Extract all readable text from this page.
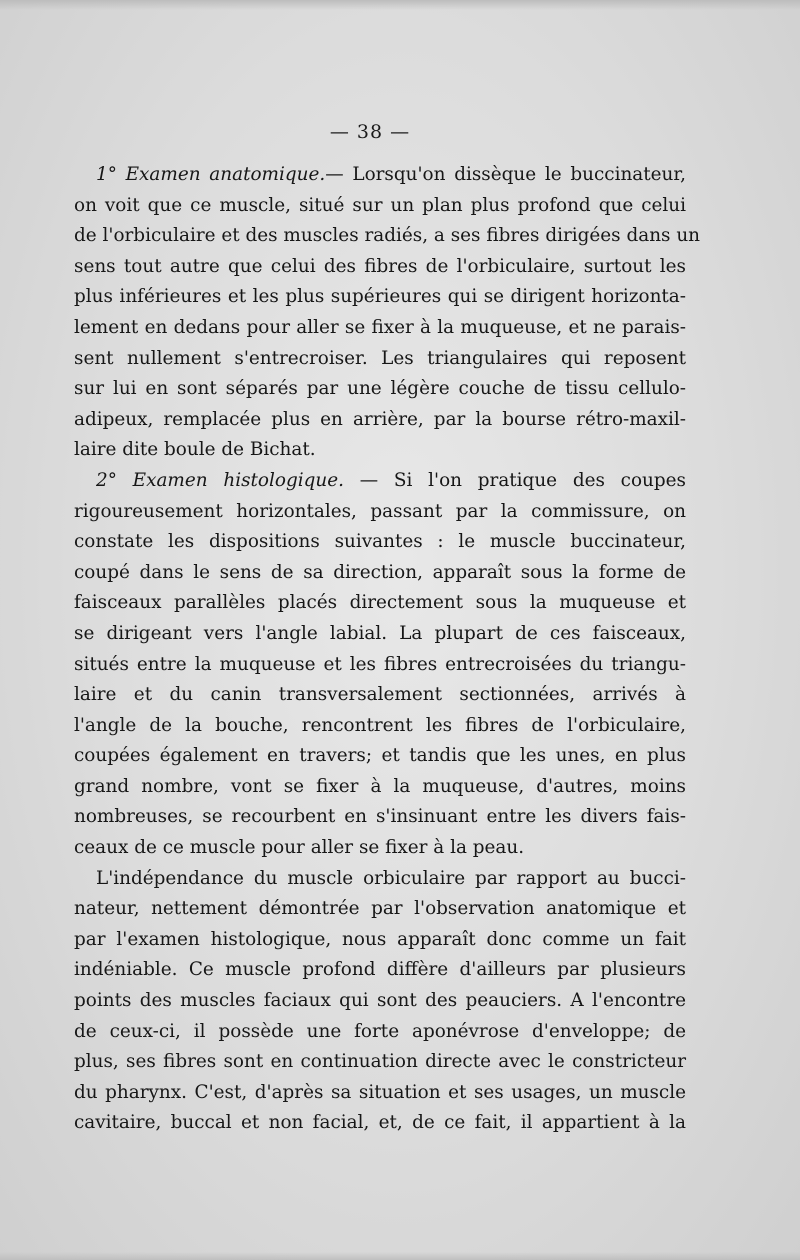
— 38 —
1° Examen anatomique.— Lorsqu'on dissèque le buccinateur,
on voit que ce muscle, situé sur un plan plus profond que celui
de l'orbiculaire et des muscles radiés, a ses fibres dirigées dans un
sens tout autre que celui des fibres de l'orbiculaire, surtout les
plus inférieures et les plus supérieures qui se dirigent horizonta-
lement en dedans pour aller se fixer à la muqueuse, et ne parais-
sent nullement s'entrecroiser. Les triangulaires qui reposent
sur lui en sont séparés par une légère couche de tissu cellulo-
adipeux, remplacée plus en arrière, par la bourse rétro-maxil-
laire dite boule de Bichat.
2° Examen histologique. — Si l'on pratique des coupes
rigoureusement horizontales, passant par la commissure, on
constate les dispositions suivantes : le muscle buccinateur,
coupé dans le sens de sa direction, apparaît sous la forme de
faisceaux parallèles placés directement sous la muqueuse et
se dirigeant vers l'angle labial. La plupart de ces faisceaux,
situés entre la muqueuse et les fibres entrecroisées du triangu-
laire et du canin transversalement sectionnées, arrivés à
l'angle de la bouche, rencontrent les fibres de l'orbiculaire,
coupées également en travers; et tandis que les unes, en plus
grand nombre, vont se fixer à la muqueuse, d'autres, moins
nombreuses, se recourbent en s'insinuant entre les divers fais-
ceaux de ce muscle pour aller se fixer à la peau.
L'indépendance du muscle orbiculaire par rapport au bucci-
nateur, nettement démontrée par l'observation anatomique et
par l'examen histologique, nous apparaît donc comme un fait
indéniable. Ce muscle profond diffère d'ailleurs par plusieurs
points des muscles faciaux qui sont des peauciers. A l'encontre
de ceux-ci, il possède une forte aponévrose d'enveloppe; de
plus, ses fibres sont en continuation directe avec le constricteur
du pharynx. C'est, d'après sa situation et ses usages, un muscle
cavitaire, buccal et non facial, et, de ce fait, il appartient à la
